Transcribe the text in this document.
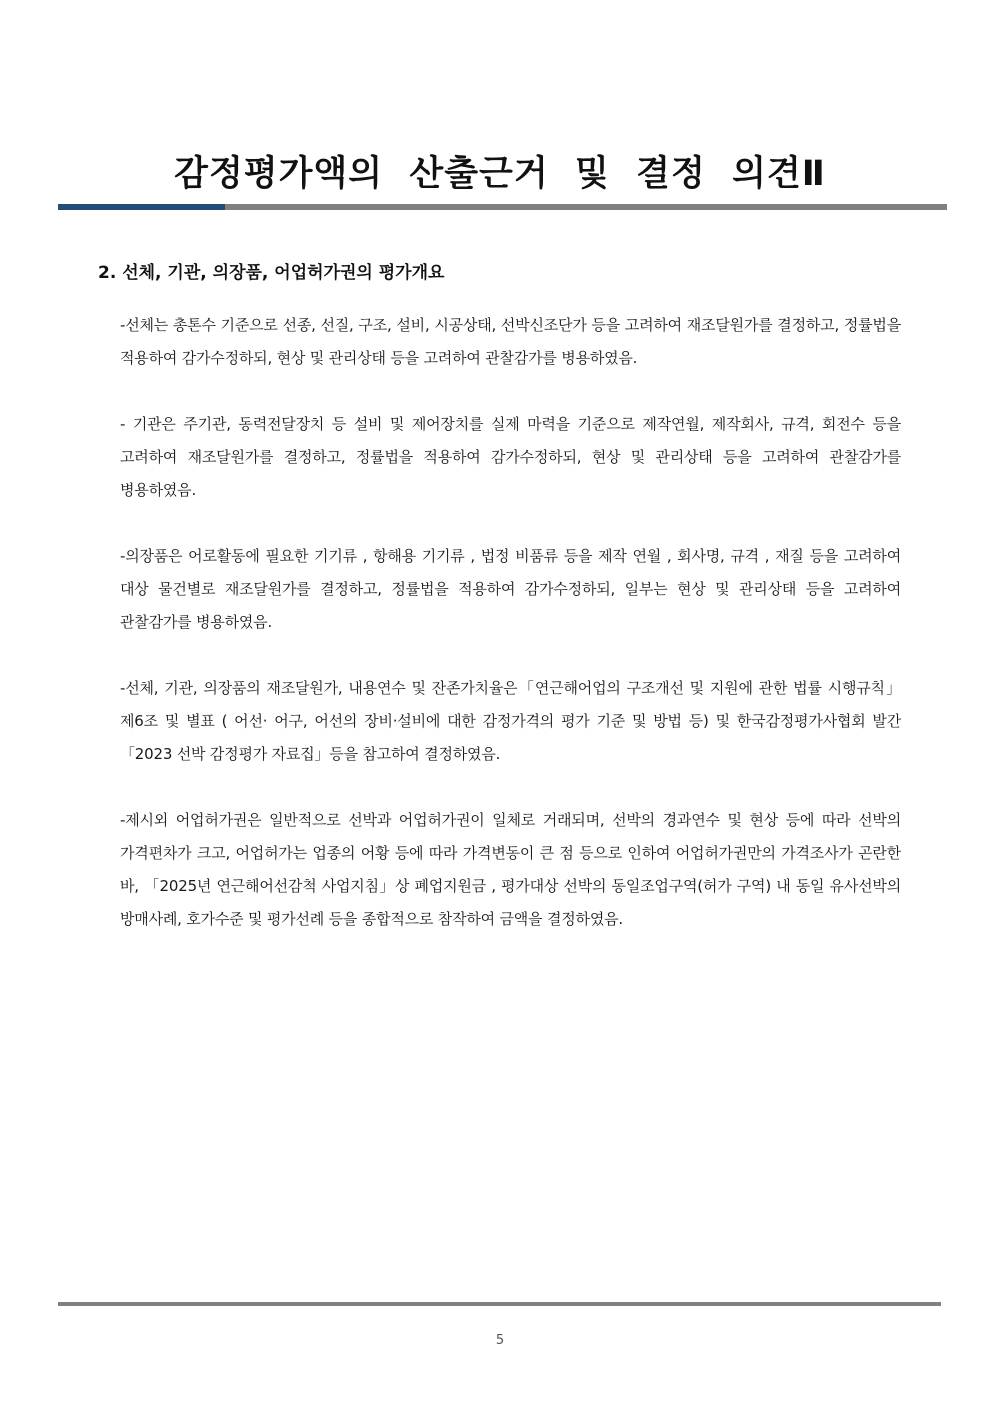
감정평가액의  산출근거  및  결정  의견Ⅱ
2. 선체, 기관, 의장품, 어업허가권의 평가개요

-선체는 총톤수 기준으로 선종, 선질, 구조, 설비, 시공상태, 선박신조단가 등을 고려하여 재조달원가를 결정하고, 정률법을 적용하여 감가수정하되, 현상 및 관리상태 등을 고려하여 관찰감가를 병용하였음.

- 기관은 주기관, 동력전달장치 등 설비 및 제어장치를 실제 마력을 기준으로 제작연월, 제작회사, 규격, 회전수 등을 고려하여 재조달원가를 결정하고, 정률법을 적용하여 감가수정하되, 현상 및 관리상태 등을 고려하여 관찰감가를 병용하였음.

-의장품은 어로활동에 필요한 기기류 , 항해용 기기류 , 법정 비품류 등을 제작 연월 , 회사명, 규격 , 재질 등을 고려하여 대상 물건별로 재조달원가를 결정하고, 정률법을 적용하여 감가수정하되, 일부는 현상 및 관리상태 등을 고려하여 관찰감가를 병용하였음.

-선체, 기관, 의장품의 재조달원가, 내용연수 및 잔존가치율은「연근해어업의 구조개선 및 지원에 관한 법률 시행규칙」제6조 및 별표 ( 어선· 어구, 어선의 장비·설비에 대한 감정가격의 평가 기준 및 방법 등) 및 한국감정평가사협회 발간「2023 선박 감정평가 자료집」등을 참고하여 결정하였음.

-제시외 어업허가권은 일반적으로 선박과 어업허가권이 일체로 거래되며, 선박의 경과연수 및 현상 등에 따라 선박의 가격편차가 크고, 어업허가는 업종의 어황 등에 따라 가격변동이 큰 점 등으로 인하여 어업허가권만의 가격조사가 곤란한 바, 「2025년 연근해어선감척 사업지침」상 폐업지원금 , 평가대상 선박의 동일조업구역(허가 구역) 내 동일 유사선박의 방매사례, 호가수준 및 평가선례 등을 종합적으로 참작하여 금액을 결정하였음.

5
